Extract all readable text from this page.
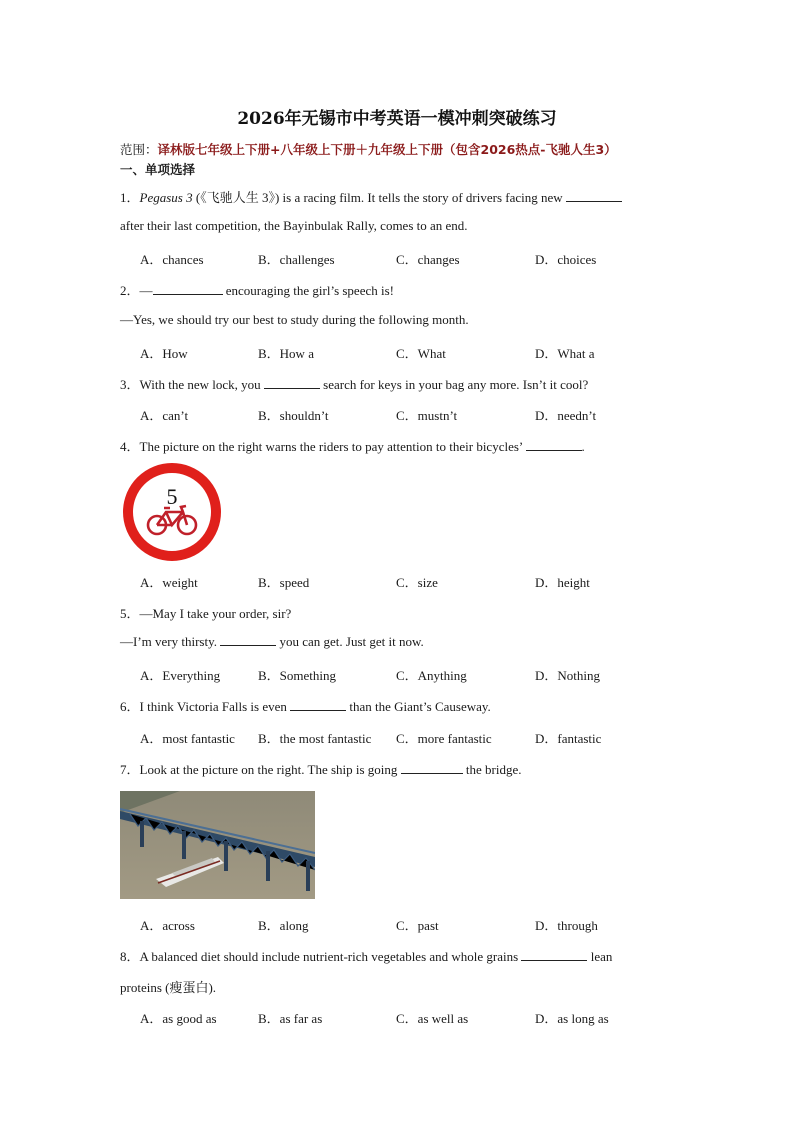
2026年无锡市中考英语一模冲刺突破练习
范围：译林版七年级上下册+八年级上下册＋九年级上下册（包含2026热点-飞驰人生3）
一、单项选择
1．Pegasus 3 (《飞驰人生 3》) is a racing film. It tells the story of drivers facing new
after their last competition, the Bayinbulak Rally, comes to an end.
A．chances	B．challenges	C．changes	D．choices
2．—	encouraging the girl’s speech is!
—Yes, we should try our best to study during the following month.
A．How	B．How a	C．What	D．What a
3．With the new lock, you	search for keys in your bag any more. Isn’t it cool?
A．can’t	B．shouldn’t	C．mustn’t	D．needn’t
4．The picture on the right warns the riders to pay attention to their bicycles’	.
5
A．weight	B．speed	C．size	D．height
5．—May I take your order, sir?
—I’m very thirsty.	you can get. Just get it now.
A．Everything	B．Something	C．Anything	D．Nothing
6．I think Victoria Falls is even	than the Giant’s Causeway.
A．most fantastic B．the most fantastic C．more fantastic	D．fantastic
7．Look at the picture on the right. The ship is going	the bridge.
A．across	B．along	C．past	D．through
8．A balanced diet should include nutrient-rich vegetables and whole grains	lean
proteins (瘦蛋白).
A．as good as	B．as far as	C．as well as	D．as long as
